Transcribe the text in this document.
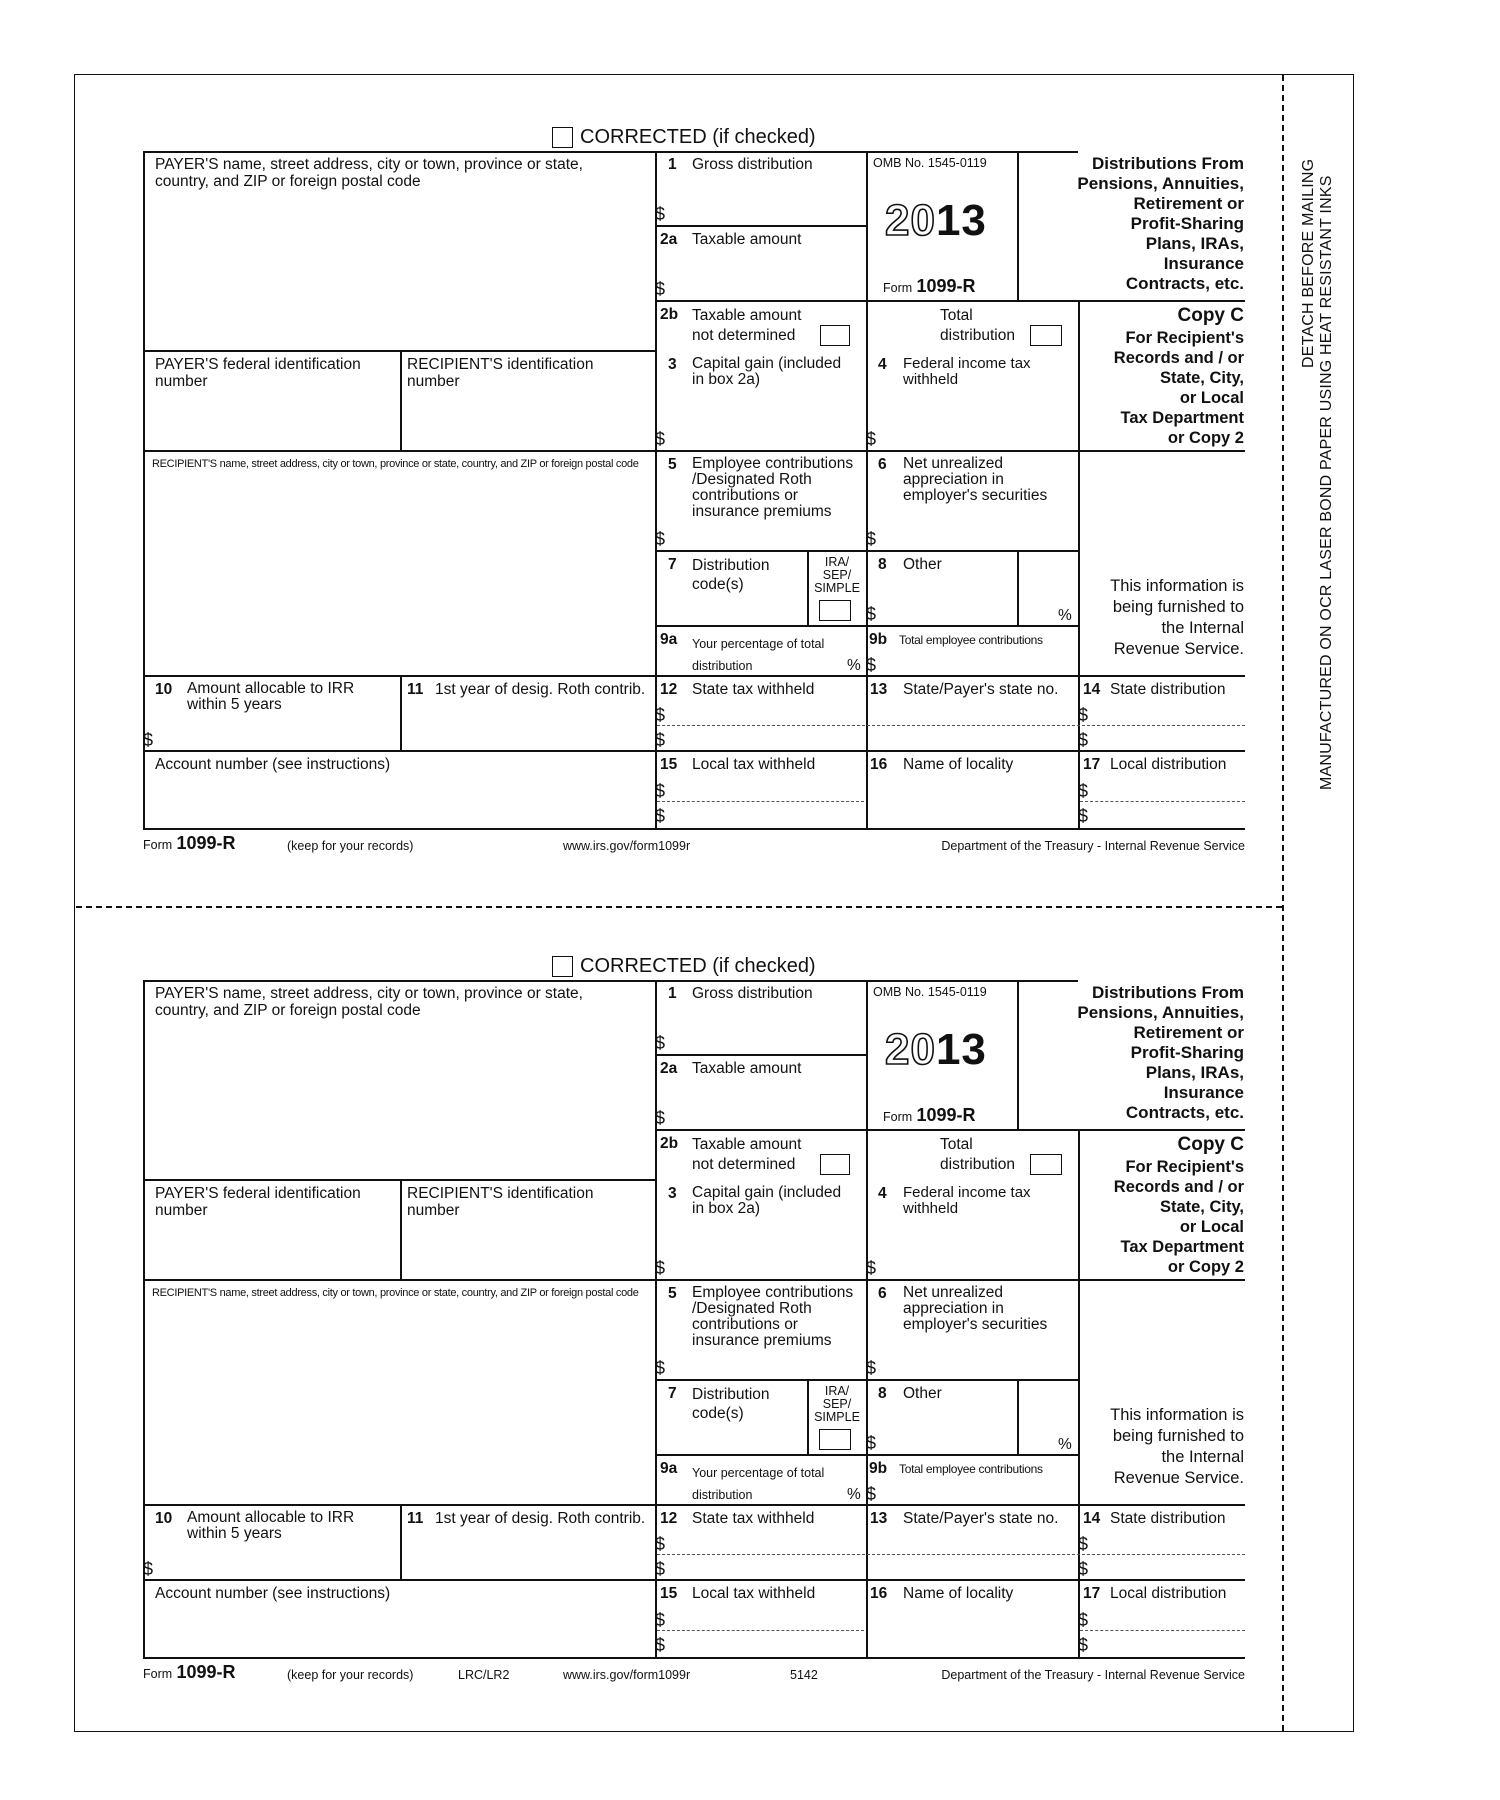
DETACH BEFORE MAILING MANUFACTURED ON OCR LASER BOND PAPER USING HEAT RESISTANT INKS
CORRECTED (if checked)
PAYER'S name, street address, city or town, province or state,
country, and ZIP or foreign postal code
PAYER'S federal identification
number
RECIPIENT'S identification
number
RECIPIENT'S name, street address, city or town, province or state, country, and ZIP or foreign postal code
10 Amount allocable to IRR
within 5 years
$
11 1st year of desig. Roth contrib.
Account number (see instructions)
1 Gross distribution
$
2a Taxable amount
$
2b Taxable amount
not determined
Total
distribution
3 Capital gain (included
in box 2a)
$
4 Federal income tax
withheld
$
5 Employee contributions
/Designated Roth
contributions or
insurance premiums
$
6 Net unrealized
appreciation in
employer's securities
$
7 Distribution
code(s)
IRA/
SEP/
SIMPLE
8 Other
$	%
9a Your percentage of total
distribution	%
9b Total employee contributions
$
12 State tax withheld
$
$
13 State/Payer's state no. 14 State distribution
$
$
15 Local tax withheld
$
$
16 Name of locality	17 Local distribution
$
$
OMB No. 1545-0119
2013
Form 1099-R
Distributions From
Pensions, Annuities,
Retirement or
Profit-Sharing
Plans, IRAs,
Insurance
Contracts, etc.
Copy C
For Recipient's
Records and / or
State, City,
or Local
Tax Department
or Copy 2
This information is
being furnished to
the Internal
Revenue Service.
Form 1099-R	(keep for your records)	www.irs.gov/form1099r	Department of the Treasury - Internal Revenue Service
CORRECTED (if checked)
PAYER'S name, street address, city or town, province or state,
country, and ZIP or foreign postal code
PAYER'S federal identification
number
RECIPIENT'S identification
number
RECIPIENT'S name, street address, city or town, province or state, country, and ZIP or foreign postal code
10 Amount allocable to IRR
within 5 years
$
11 1st year of desig. Roth contrib.
Account number (see instructions)
1 Gross distribution
$
2a Taxable amount
$
2b Taxable amount
not determined
Total
distribution
3 Capital gain (included
in box 2a)
$
4 Federal income tax
withheld
$
5 Employee contributions
/Designated Roth
contributions or
insurance premiums
$
6 Net unrealized
appreciation in
employer's securities
$
7 Distribution
code(s)
IRA/
SEP/
SIMPLE
8 Other
$	%
9a Your percentage of total
distribution	%
9b Total employee contributions
$
12 State tax withheld
$
$
13 State/Payer's state no. 14 State distribution
$
$
15 Local tax withheld
$
$
16 Name of locality	17 Local distribution
$
$
OMB No. 1545-0119
2013
Form 1099-R
Distributions From
Pensions, Annuities,
Retirement or
Profit-Sharing
Plans, IRAs,
Insurance
Contracts, etc.
Copy C
For Recipient's
Records and / or
State, City,
or Local
Tax Department
or Copy 2
This information is
being furnished to
the Internal
Revenue Service.
Form 1099-R	(keep for your records)	LRC/LR2	www.irs.gov/form1099r	5142	Department of the Treasury - Internal Revenue Service
